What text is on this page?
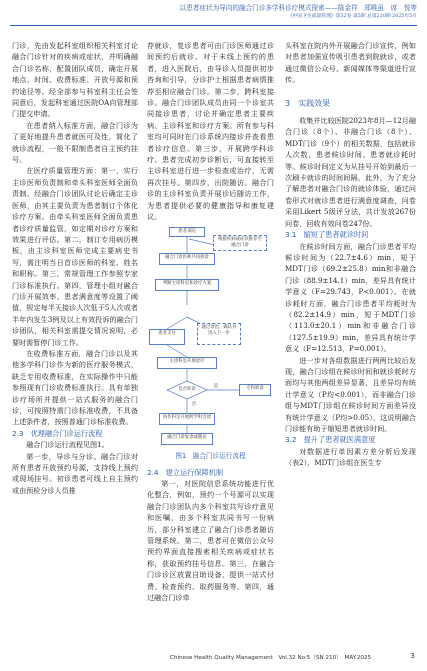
以患者症状为导向的融合门诊多学科诊疗模式探索——陈金祥　郑唯虽　席　悦等
《中国卫生质量管理》第32卷 第5期 总第210期 2025年5月

门诊，先由发起科室组织相关科室讨论融合门诊针对的疾病或症状，并明确融合门诊名称，配置团队成员，确定开展地点、时间、收费标准、开放号源和预约途径等。经全部参与科室科主任会签同意后，发起科室通过医院OA向管理部门提交申请。

在患者纳入标准方面，融合门诊为了更好地提升患者就医可及性，简化了就诊流程，一般不限制患者自主预约挂号。

在医疗质量管理方面：第一，实行主诊医师负责制和牵头科室医师全面负责制。经融合门诊团队讨论后确定主诊医师，由其主要负责为患者制订个体化诊疗方案。由牵头科室医师全面负责患者诊疗质量监管，如定期对诊疗方案和效果进行评估。第二，制订专用病历模板，由主诊科室医师完成主要病史书写，需注明当日首诊医师的科室、姓名和职称。第三，常规管理工作参照专家门诊标准执行。第四，管理小组对融合门诊开展效率、患者满意度等设置了阈值，规定每半天接诊人次低于5人次或者半年内发生3例及以上有效投诉的融合门诊团队，相关科室需提交情况说明，必要时需暂停门诊工作。

在收费标准方面，融合门诊以及其他多学科门诊作为新的医疗服务模式，缺乏专用收费标准，在实际操作中只能参照现有门诊收费标准执行。具有单独诊疗场所并提供一站式服务的融合门诊，可按照特需门诊标准收费，不具备上述条件者，按照普通门诊标准收费。

2.3　优理融合门诊运行流程

融合门诊运行流程见图1。

第一步，导诊与分诊。融合门诊对所有患者开放预约号源，支持线上预约或现场挂号。初诊患者可线上自主预约或由预检分诊人员推

荐就诊，复诊患者可由门诊医师通过诊间预约后就诊。对于未线上预约的患者，进入医院后，由导诊人员提供初步咨询和引导，分诊护士根据患者病情推荐至相应融合门诊。第二步，跨科室接诊。融合门诊团队成员由同一个诊室共同接诊患者，讨论并确定患者主要疾病、主诊科室和诊疗方案。所有参与科室均可同时在门诊系统内接诊并查看患者诊疗信息。第三步，开展跨学科诊疗。患者完成初步诊断后，可直接转至主诊科室进行进一步检查或治疗，无需再次挂号。第四步，出院随访。融合门诊的主诊科室负责开展诊后随访工作，为患者提供必要的健康指导和康复建议。

患者来院
根据疾病或症状推荐至融合门诊
融合门诊医师共同接诊
判断主诊科室和诊疗方案
患者支付
通过诊治，确认并进入下一步
主诊科室开展诊疗
是否转诊
是
否
专科转诊
协作科室开展跨学科会诊
融合门诊复诊或随访
图1　融合门诊运行流程

2.4　建立运行保障机制

第一，对医院信息系统功能进行优化整合，例如，预约一个号源可以实现融合门诊团队内多个科室共写诊疗意见和医嘱，由多个科室共同书写一份病历，部分科室建立了融合门诊患者随访管理系统。第二，患者可在微信公众号预约界面直接搜索相关疾病或症状名称，获取预约挂号信息。第三，在融合门诊诊区放置自助设备，提供一站式付费、检查预约、取药服务等。第四，通过融合门诊牵

头科室在院内外开展融合门诊宣传，例如对患者加强宣传吸引患者到院就诊，或者通过微信公众号、新闻媒体等渠道进行宣传。

3　实践效果

收集并比较医院2023年8月—12月融合门诊（8个）、非融合门诊（8个）、MDT门诊（9个）的相关数据，包括就诊人次数、患者候诊时间、患者就诊耗时等。候诊时间定义为从挂号开始到最后一次刷卡就诊的时间间隔，此外，为了充分了解患者对融合门诊的就诊体验，通过问卷形式对就诊患者进行满意度调查，问卷采用Likert 5级评分法，共计发放267份问卷，回收有效问卷247份。

3.1　缩短了患者就诊时间

在候诊时间方面，融合门诊患者平均候诊时间为（22.7±4.6）min，短于MDT门诊（69.2±25.8）min和非融合门诊（88.9±14.1）min，差异具有统计学意义（F=29.743，P<0.001）。在就诊耗时方面，融合门诊患者平均耗时为（82.2±14.9）min，短于MDT门诊（113.0±20.1）min和非融合门诊（127.5±19.9）min，差异具有统计学意义（F=12.513，P=0.001）。

进一步对各组数据进行两两比较后发现，融合门诊组在候诊时间和就诊耗时方面均与其他两组差异显著，且差异均有统计学意义（P均<0.001），而非融合门诊组与MDT门诊组在候诊时间方面差异没有统计学意义（P均>0.05），这说明融合门诊能有助于缩短患者就诊时间。

3.2　提升了患者就医满意度

对数据进行单因素方差分析后发现（表2），MDT门诊组在医生专

Chinese Health Quality Management　Vol.32 No.5（SN 210）　MAY.2025	3
